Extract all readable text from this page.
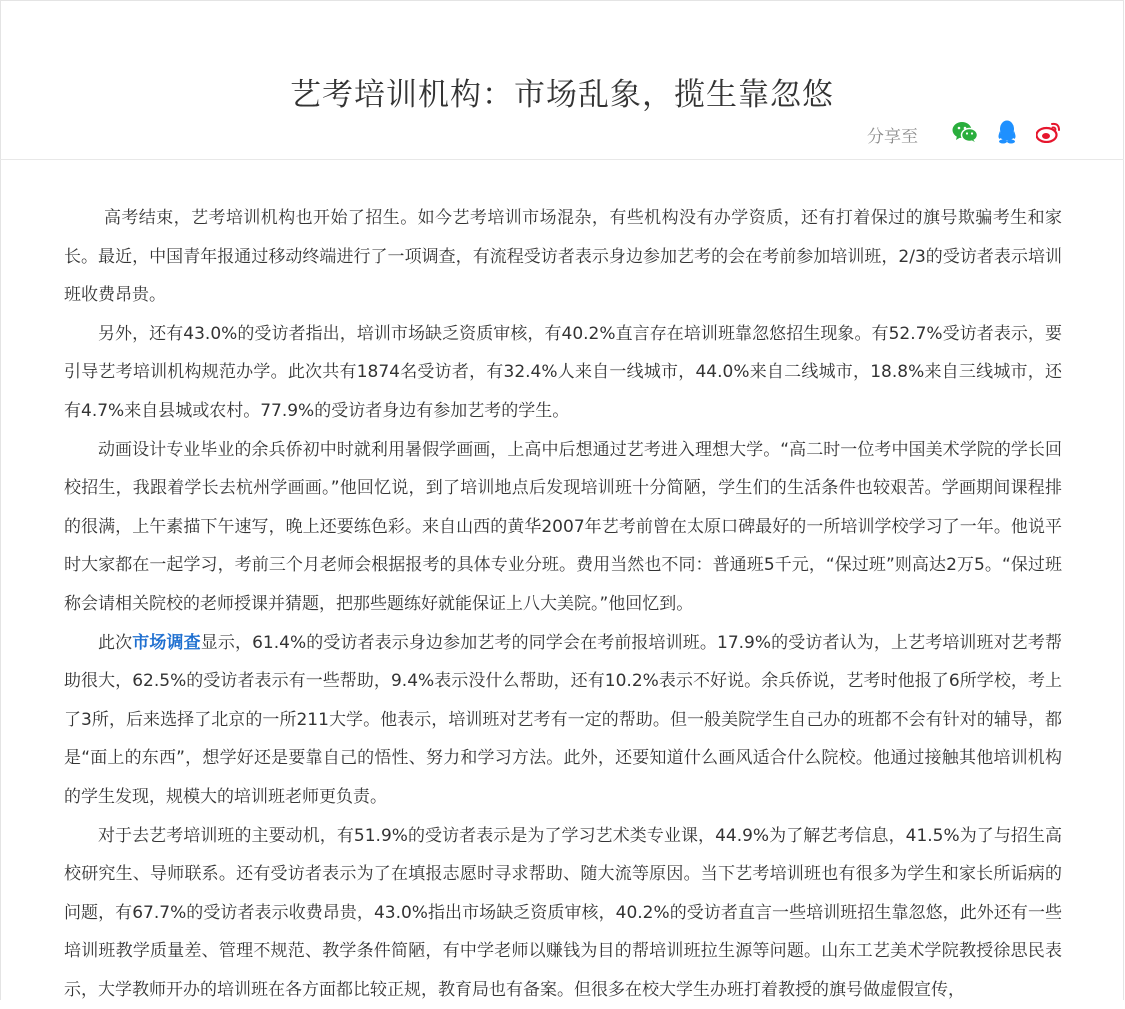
艺考培训机构：市场乱象，揽生靠忽悠
分享至

高考结束，艺考培训机构也开始了招生。如今艺考培训市场混杂，有些机构没有办学资质，还有打着保过的旗号欺骗考生和家长。最近，中国青年报通过移动终端进行了一项调查，有流程受访者表示身边参加艺考的会在考前参加培训班，2/3的受访者表示培训班收费昂贵。

另外，还有43.0%的受访者指出，培训市场缺乏资质审核，有40.2%直言存在培训班靠忽悠招生现象。有52.7%受访者表示，要引导艺考培训机构规范办学。此次共有1874名受访者，有32.4%人来自一线城市，44.0%来自二线城市，18.8%来自三线城市，还有4.7%来自县城或农村。77.9%的受访者身边有参加艺考的学生。

动画设计专业毕业的余兵侨初中时就利用暑假学画画，上高中后想通过艺考进入理想大学。“高二时一位考中国美术学院的学长回校招生，我跟着学长去杭州学画画。”他回忆说，到了培训地点后发现培训班十分简陋，学生们的生活条件也较艰苦。学画期间课程排的很满，上午素描下午速写，晚上还要练色彩。来自山西的黄华2007年艺考前曾在太原口碑最好的一所培训学校学习了一年。他说平时大家都在一起学习，考前三个月老师会根据报考的具体专业分班。费用当然也不同：普通班5千元，“保过班”则高达2万5。“保过班称会请相关院校的老师授课并猜题，把那些题练好就能保证上八大美院。”他回忆到。

此次市场调查显示，61.4%的受访者表示身边参加艺考的同学会在考前报培训班。17.9%的受访者认为，上艺考培训班对艺考帮助很大，62.5%的受访者表示有一些帮助，9.4%表示没什么帮助，还有10.2%表示不好说。余兵侨说，艺考时他报了6所学校，考上了3所，后来选择了北京的一所211大学。他表示，培训班对艺考有一定的帮助。但一般美院学生自己办的班都不会有针对的辅导，都是“面上的东西”，想学好还是要靠自己的悟性、努力和学习方法。此外，还要知道什么画风适合什么院校。他通过接触其他培训机构的学生发现，规模大的培训班老师更负责。

对于去艺考培训班的主要动机，有51.9%的受访者表示是为了学习艺术类专业课，44.9%为了解艺考信息，41.5%为了与招生高校研究生、导师联系。还有受访者表示为了在填报志愿时寻求帮助、随大流等原因。当下艺考培训班也有很多为学生和家长所诟病的问题，有67.7%的受访者表示收费昂贵，43.0%指出市场缺乏资质审核，40.2%的受访者直言一些培训班招生靠忽悠，此外还有一些培训班教学质量差、管理不规范、教学条件简陋，有中学老师以赚钱为目的帮培训班拉生源等问题。山东工艺美术学院教授徐思民表示，大学教师开办的培训班在各方面都比较正规，教育局也有备案。但很多在校大学生办班打着教授的旗号做虚假宣传，
